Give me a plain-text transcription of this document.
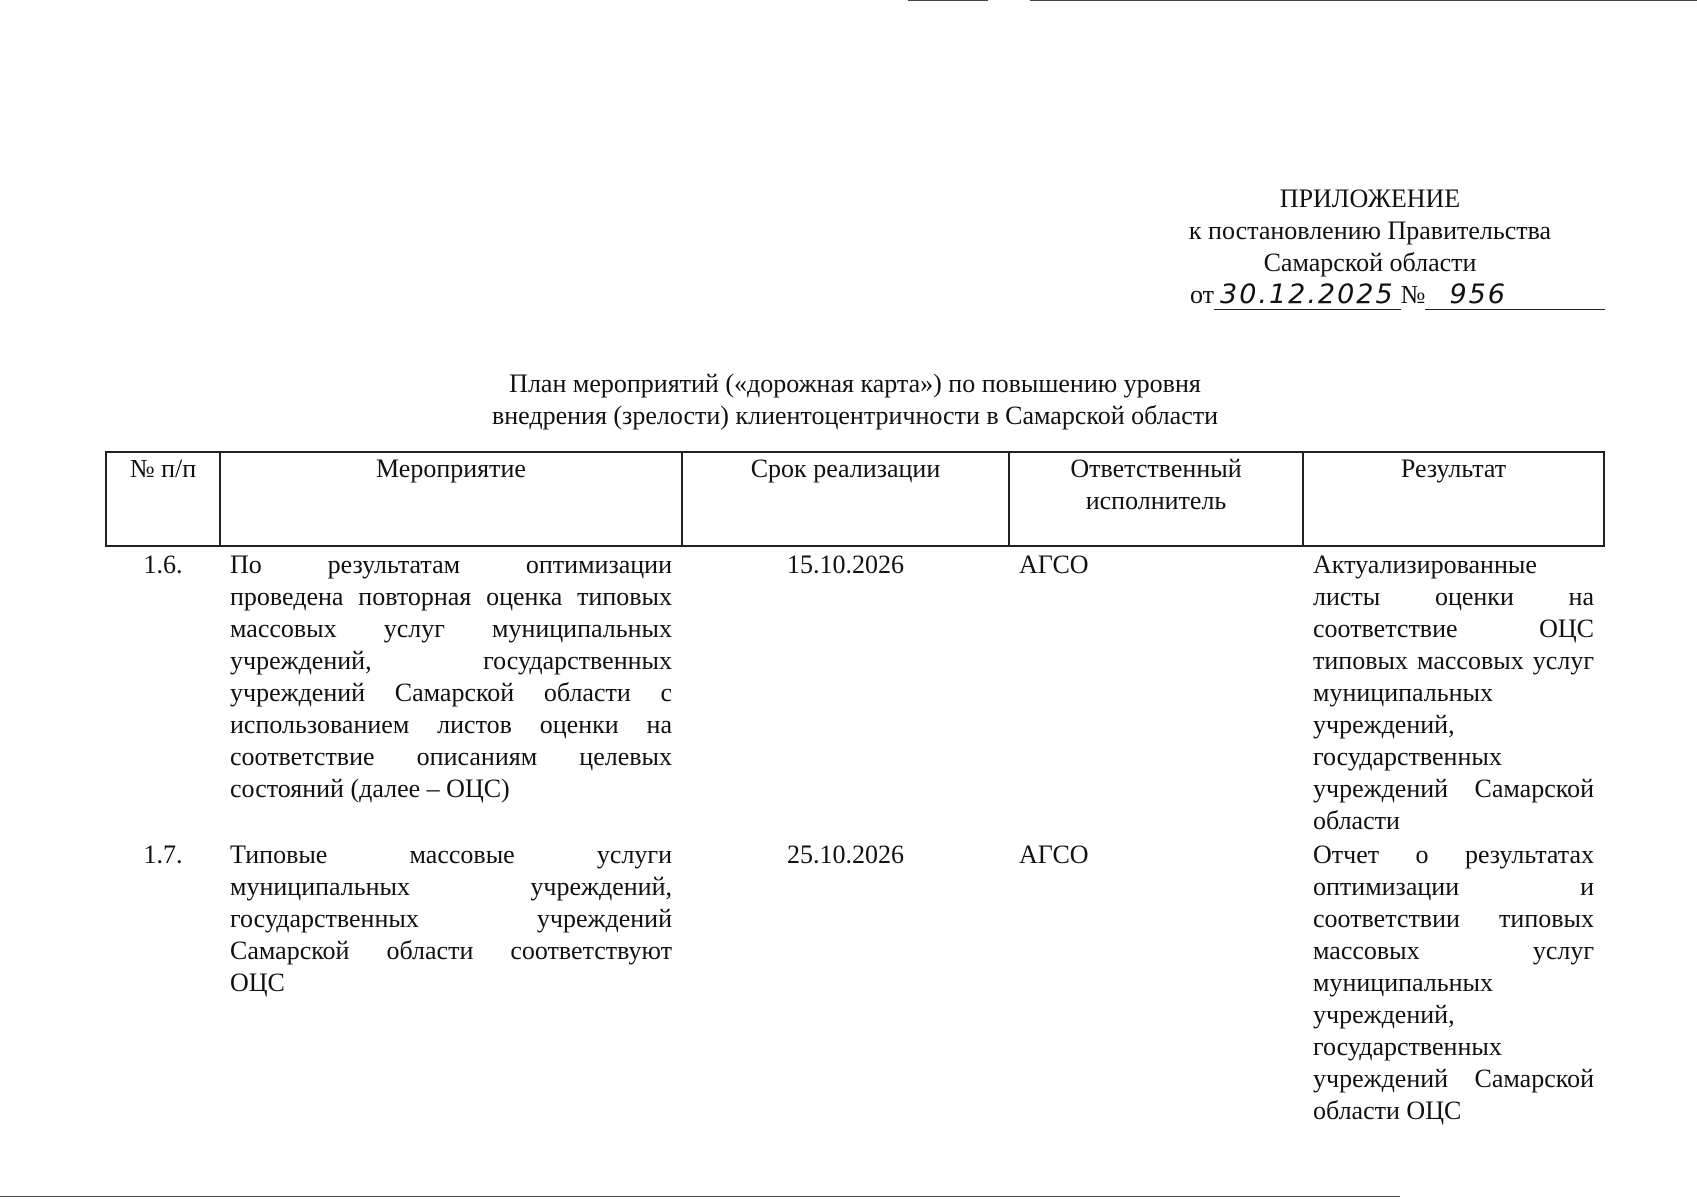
ПРИЛОЖЕНИЕ
к постановлению Правительства
Самарской области
от 30.12.2025 № 956
План мероприятий («дорожная карта») по повышению уровня
внедрения (зрелости) клиентоцентричности в Самарской области
№ п/п	Мероприятие	Срок реализации	Ответственный исполнитель	Результат
1.6.	По результатам оптимизации проведена повторная оценка типовых массовых услуг муниципальных учреждений, государственных учреждений Самарской области с использованием листов оценки на соответствие описаниям целевых состояний (далее – ОЦС)	15.10.2026	АГСО	Актуализированные листы оценки на соответствие ОЦС типовых массовых услуг муниципальных учреждений, государственных учреждений Самарской области
1.7.	Типовые массовые услуги муниципальных учреждений, государственных учреждений Самарской области соответствуют ОЦС	25.10.2026	АГСО	Отчет о результатах оптимизации и соответствии типовых массовых услуг муниципальных учреждений, государственных учреждений Самарской области ОЦС
